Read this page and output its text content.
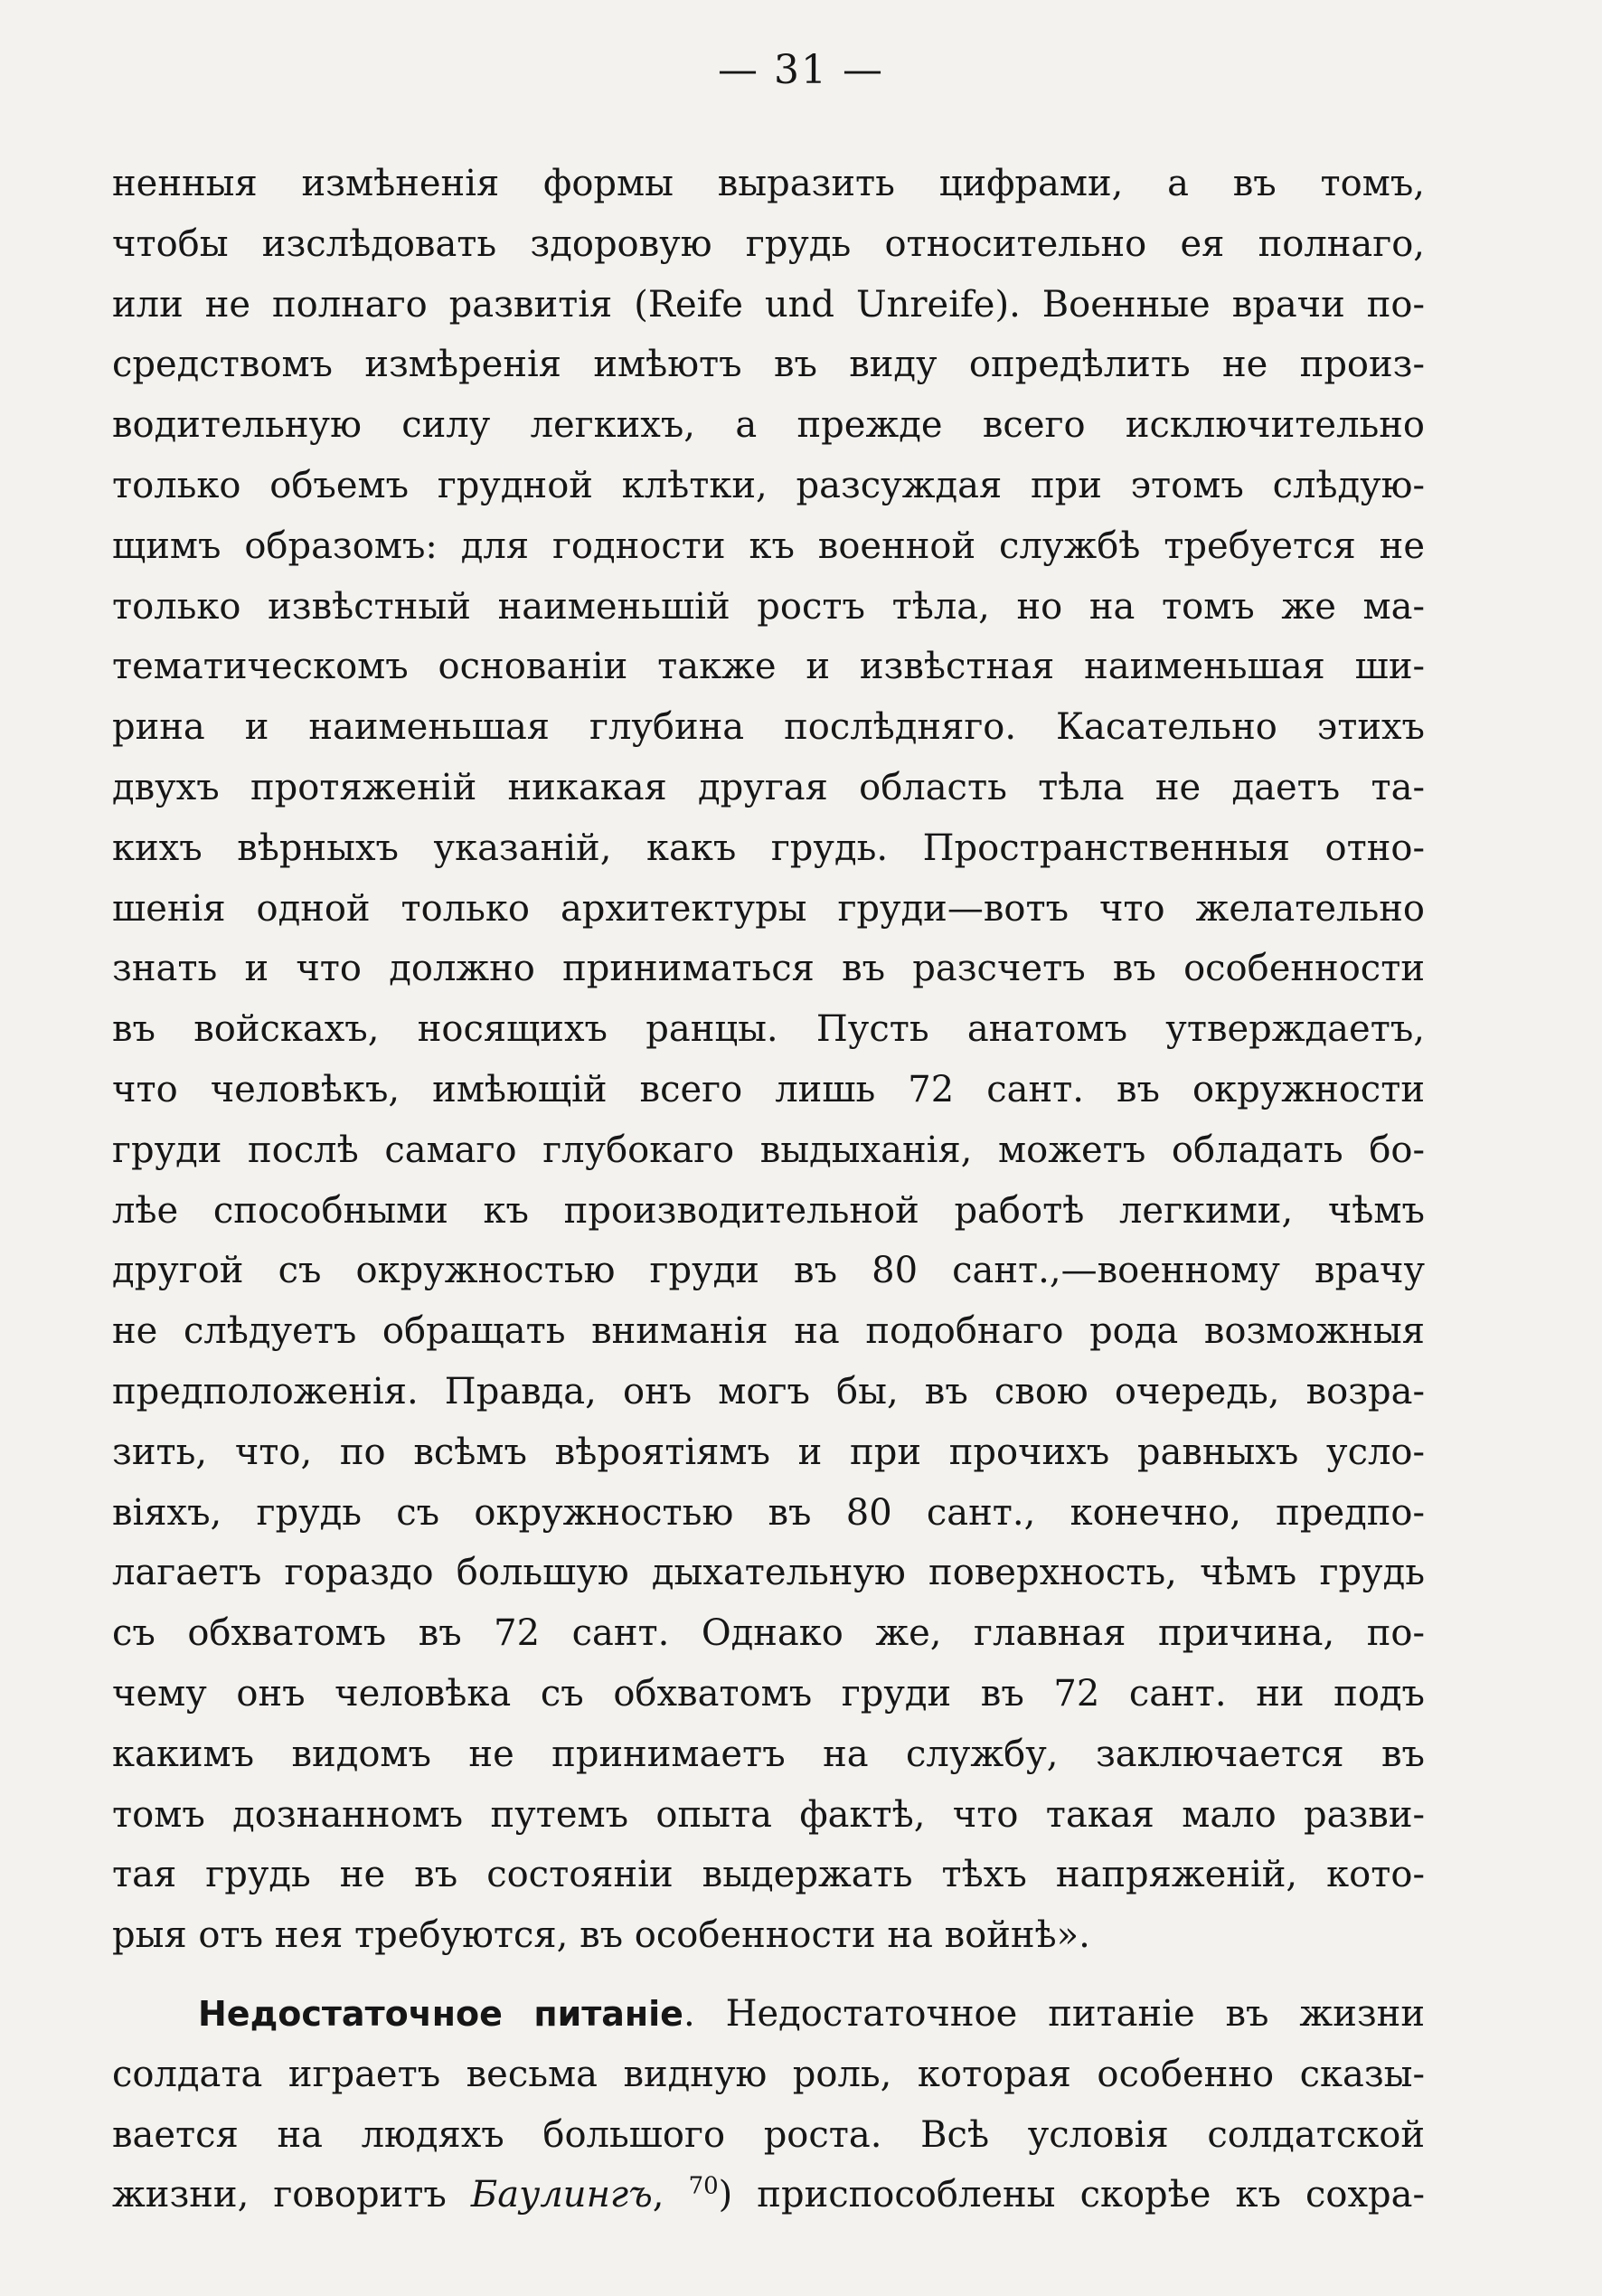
— 31 —
ненныя измѣненія формы выразить цифрами, а въ томъ,
чтобы изслѣдовать здоровую грудь относительно ея полнаго,
или не полнаго развитія (Reife und Unreife). Военные врачи по-
средствомъ измѣренія имѣютъ въ виду опредѣлить не произ-
водительную силу легкихъ, а прежде всего исключительно
только объемъ грудной клѣтки, разсуждая при этомъ слѣдую-
щимъ образомъ: для годности къ военной службѣ требуется не
только извѣстный наименьшій ростъ тѣла, но на томъ же ма-
тематическомъ основаніи также и извѣстная наименьшая ши-
рина и наименьшая глубина послѣдняго. Касательно этихъ
двухъ протяженій никакая другая область тѣла не даетъ та-
кихъ вѣрныхъ указаній, какъ грудь. Пространственныя отно-
шенія одной только архитектуры груди—вотъ что желательно
знать и что должно приниматься въ разсчетъ въ особенности
въ войскахъ, носящихъ ранцы. Пусть анатомъ утверждаетъ,
что человѣкъ, имѣющій всего лишь 72 сант. въ окружности
груди послѣ самаго глубокаго выдыханія, можетъ обладать бо-
лѣе способными къ производительной работѣ легкими, чѣмъ
другой съ окружностью груди въ 80 сант.,—военному врачу
не слѣдуетъ обращать вниманія на подобнаго рода возможныя
предположенія. Правда, онъ могъ бы, въ свою очередь, возра-
зить, что, по всѣмъ вѣроятіямъ и при прочихъ равныхъ усло-
віяхъ, грудь съ окружностью въ 80 сант., конечно, предпо-
лагаетъ гораздо большую дыхательную поверхность, чѣмъ грудь
съ обхватомъ въ 72 сант. Однако же, главная причина, по-
чему онъ человѣка съ обхватомъ груди въ 72 сант. ни подъ
какимъ видомъ не принимаетъ на службу, заключается въ
томъ дознанномъ путемъ опыта фактѣ, что такая мало разви-
тая грудь не въ состояніи выдержать тѣхъ напряженій, кото-
рыя отъ нея требуются, въ особенности на войнѣ».
Недостаточное питаніе. Недостаточное питаніе въ жизни
солдата играетъ весьма видную роль, которая особенно сказы-
вается на людяхъ большого роста. Всѣ условія солдатской
жизни, говоритъ Баулингъ, $^{70}$) приспособлены скорѣе къ сохра-
